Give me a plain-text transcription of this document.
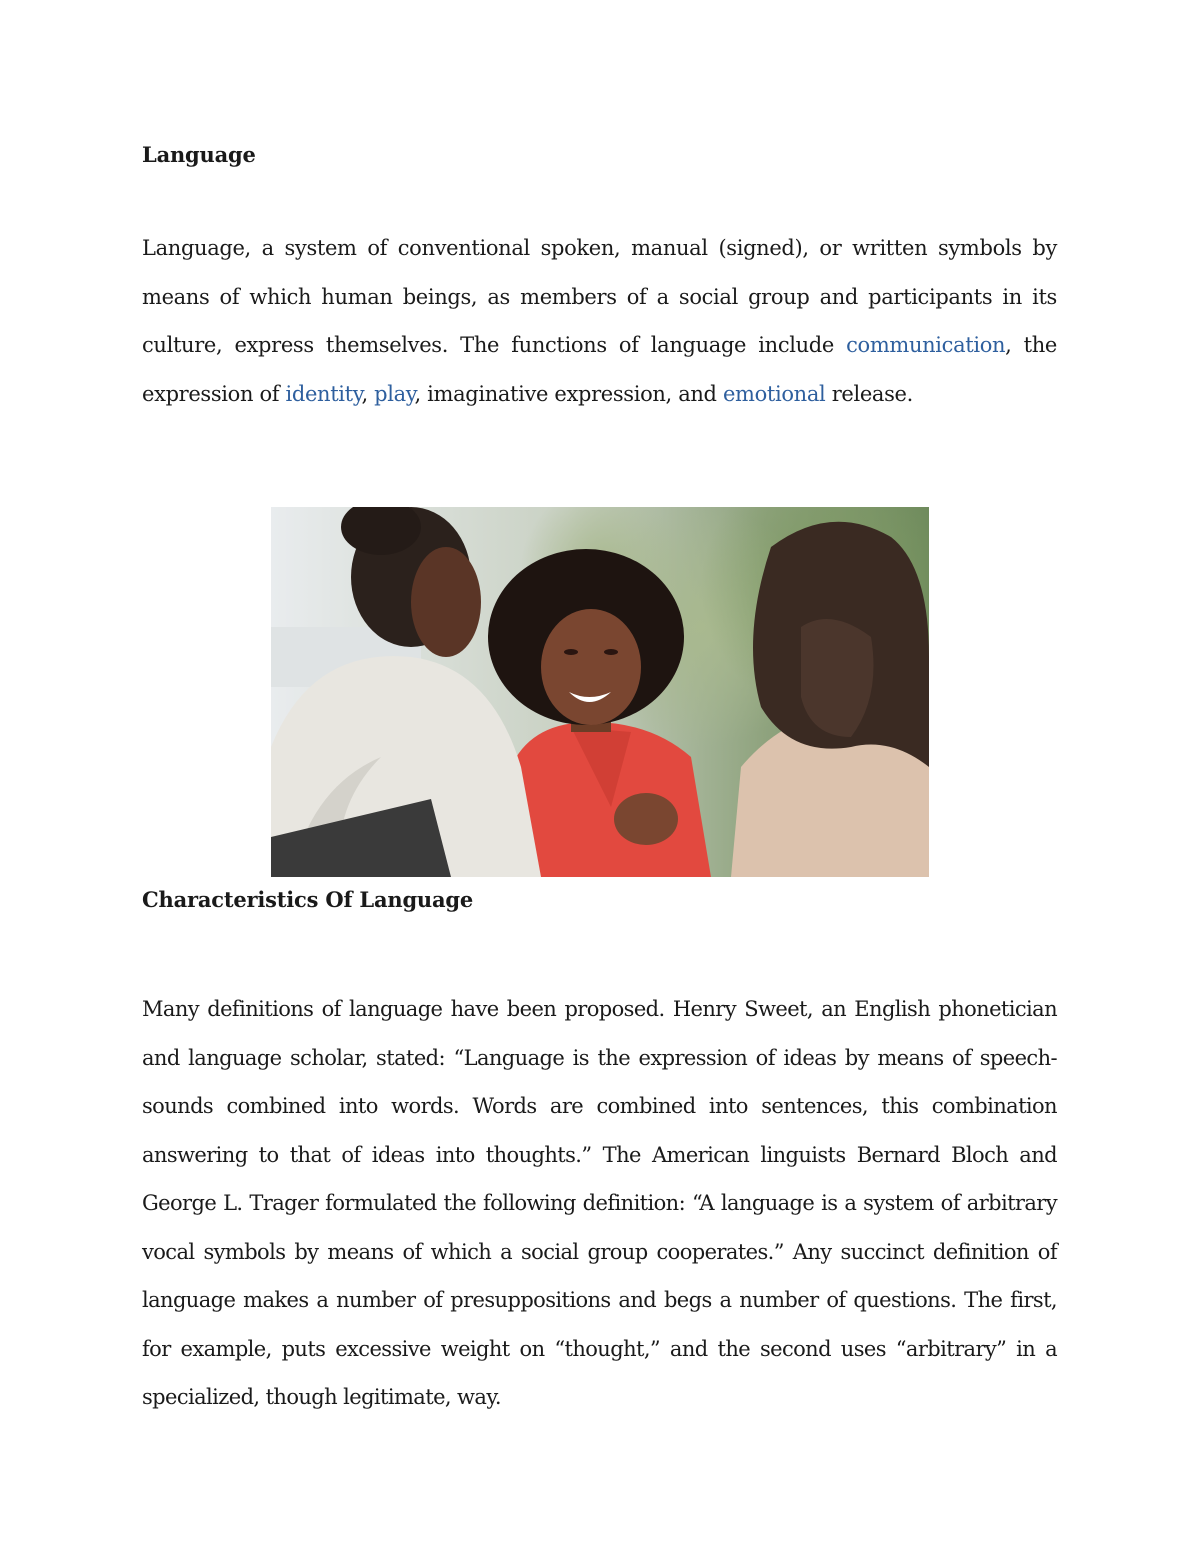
Language

Language, a system of conventional spoken, manual (signed), or written symbols by means of which human beings, as members of a social group and participants in its culture, express themselves. The functions of language include communication, the expression of identity, play, imaginative expression, and emotional release.

Characteristics Of Language

Many definitions of language have been proposed. Henry Sweet, an English phonetician and language scholar, stated: “Language is the expression of ideas by means of speech-sounds combined into words. Words are combined into sentences, this combination answering to that of ideas into thoughts.” The American linguists Bernard Bloch and George L. Trager formulated the following definition: “A language is a system of arbitrary vocal symbols by means of which a social group cooperates.” Any succinct definition of language makes a number of presuppositions and begs a number of questions. The first, for example, puts excessive weight on “thought,” and the second uses “arbitrary” in a specialized, though legitimate, way.
